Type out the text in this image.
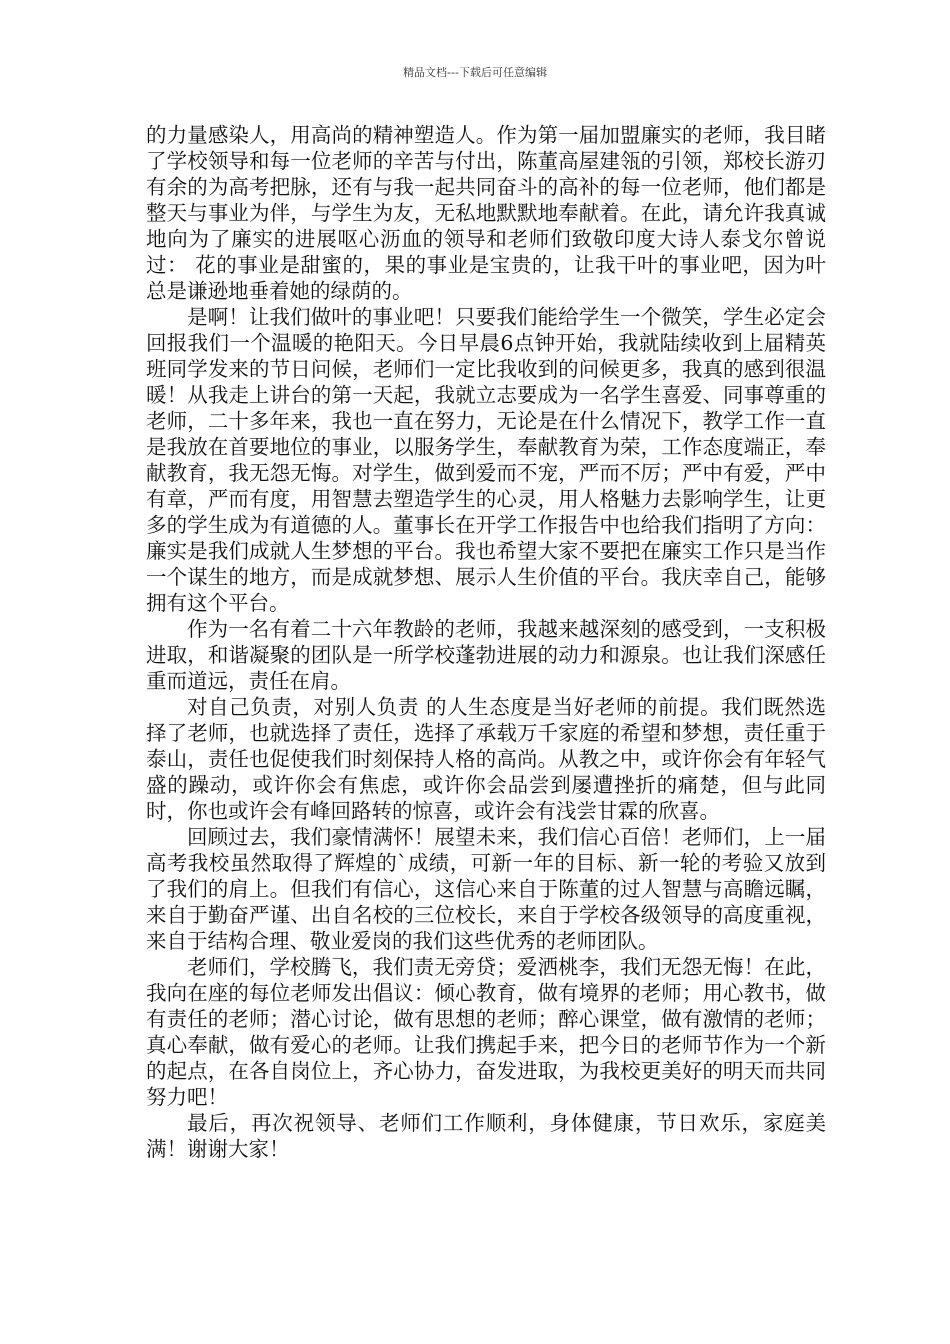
精品文档---下载后可任意编辑

的力量感染人，用高尚的精神塑造人。作为第一届加盟廉实的老师，我目睹了学校领导和每一位老师的辛苦与付出，陈董高屋建瓴的引领，郑校长游刃有余的为高考把脉，还有与我一起共同奋斗的高补的每一位老师，他们都是整天与事业为伴，与学生为友，无私地默默地奉献着。在此，请允许我真诚地向为了廉实的进展呕心沥血的领导和老师们致敬印度大诗人泰戈尔曾说过： 花的事业是甜蜜的，果的事业是宝贵的，让我干叶的事业吧，因为叶总是谦逊地垂着她的绿荫的。

是啊！让我们做叶的事业吧！只要我们能给学生一个微笑，学生必定会回报我们一个温暖的艳阳天。今日早晨6点钟开始，我就陆续收到上届精英班同学发来的节日问候，老师们一定比我收到的问候更多，我真的感到很温暖！从我走上讲台的第一天起，我就立志要成为一名学生喜爱、同事尊重的老师，二十多年来，我也一直在努力，无论是在什么情况下，教学工作一直是我放在首要地位的事业，以服务学生，奉献教育为荣，工作态度端正，奉献教育，我无怨无悔。对学生，做到爱而不宠，严而不厉；严中有爱，严中有章，严而有度，用智慧去塑造学生的心灵，用人格魅力去影响学生，让更多的学生成为有道德的人。董事长在开学工作报告中也给我们指明了方向：廉实是我们成就人生梦想的平台。我也希望大家不要把在廉实工作只是当作一个谋生的地方，而是成就梦想、展示人生价值的平台。我庆幸自己，能够拥有这个平台。

作为一名有着二十六年教龄的老师，我越来越深刻的感受到，一支积极进取，和谐凝聚的团队是一所学校蓬勃进展的动力和源泉。也让我们深感任重而道远，责任在肩。

对自己负责，对别人负责 的人生态度是当好老师的前提。我们既然选择了老师，也就选择了责任，选择了承载万千家庭的希望和梦想，责任重于泰山，责任也促使我们时刻保持人格的高尚。从教之中，或许你会有年轻气盛的躁动，或许你会有焦虑，或许你会品尝到屡遭挫折的痛楚，但与此同时，你也或许会有峰回路转的惊喜，或许会有浅尝甘霖的欣喜。

回顾过去，我们豪情满怀！展望未来，我们信心百倍！老师们，上一届高考我校虽然取得了辉煌的`成绩，可新一年的目标、新一轮的考验又放到了我们的肩上。但我们有信心，这信心来自于陈董的过人智慧与高瞻远瞩，来自于勤奋严谨、出自名校的三位校长，来自于学校各级领导的高度重视，来自于结构合理、敬业爱岗的我们这些优秀的老师团队。

老师们，学校腾飞，我们责无旁贷；爱洒桃李，我们无怨无悔！在此，我向在座的每位老师发出倡议：倾心教育，做有境界的老师；用心教书，做有责任的老师；潜心讨论，做有思想的老师；醉心课堂，做有激情的老师；真心奉献，做有爱心的老师。让我们携起手来，把今日的老师节作为一个新的起点，在各自岗位上，齐心协力，奋发进取，为我校更美好的明天而共同努力吧！

最后，再次祝领导、老师们工作顺利，身体健康，节日欢乐，家庭美满！谢谢大家！
